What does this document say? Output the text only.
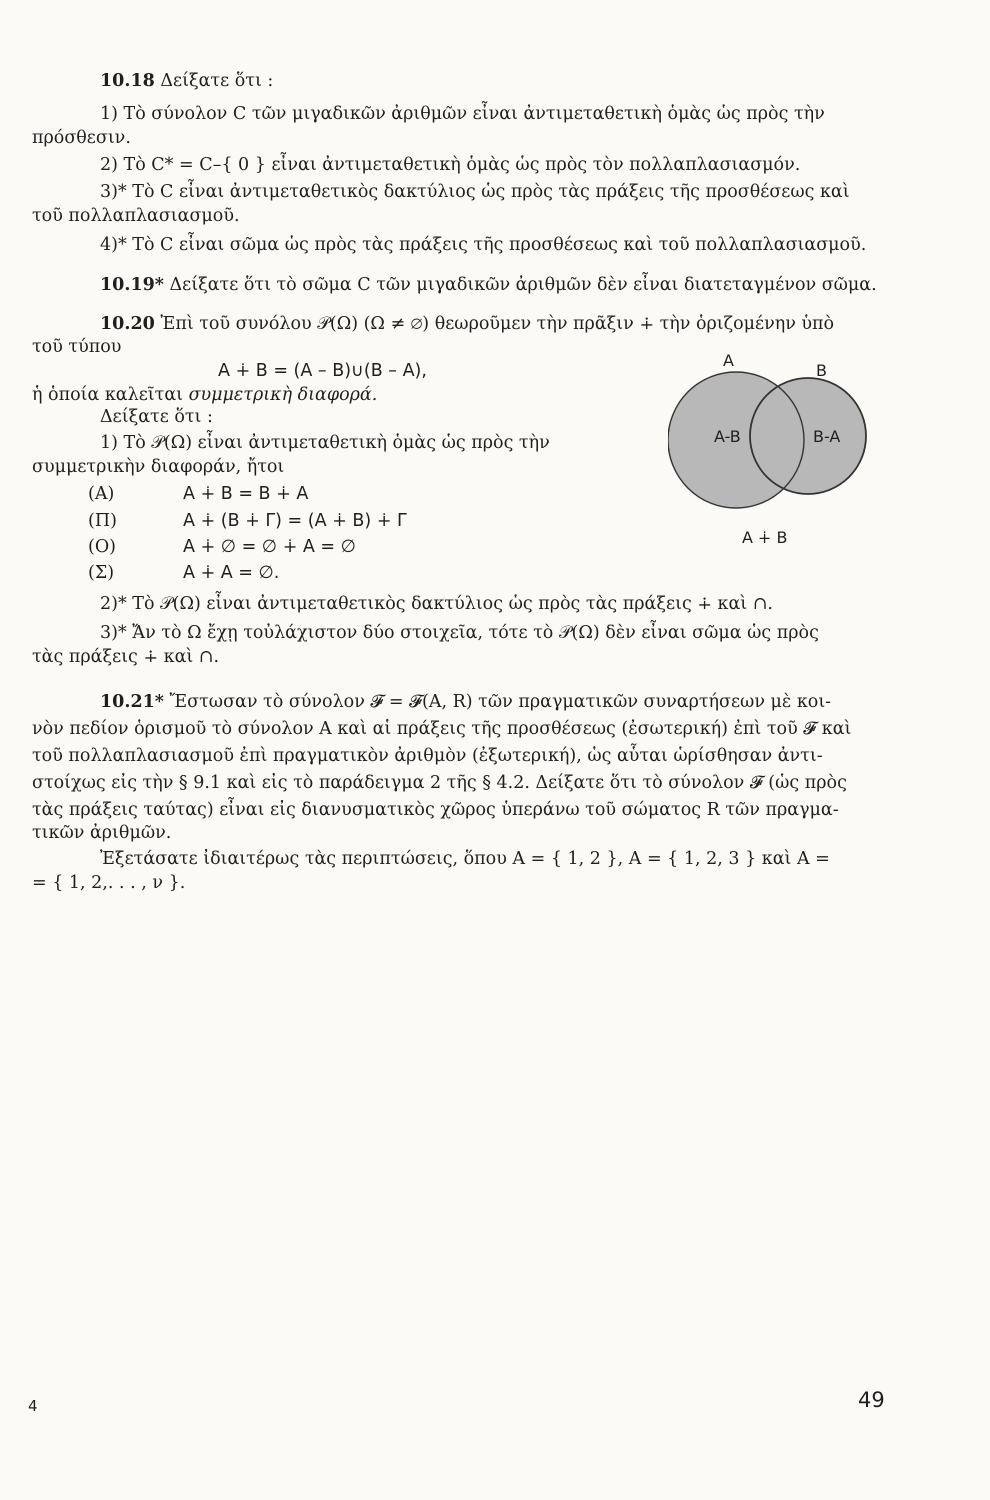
10.18 Δείξατε ὅτι :
1) Τὸ σύνολον C τῶν μιγαδικῶν ἀριθμῶν εἶναι ἀντιμεταθετικὴ ὁμὰς ὡς πρὸς τὴν
πρόσθεσιν.
2) Τὸ C* = C–{ 0 } εἶναι ἀντιμεταθετικὴ ὁμὰς ὡς πρὸς τὸν πολλαπλασιασμόν.
3)* Τὸ C εἶναι ἀντιμεταθετικὸς δακτύλιος ὡς πρὸς τὰς πράξεις τῆς προσθέσεως καὶ
τοῦ πολλαπλασιασμοῦ.
4)* Τὸ C εἶναι σῶμα ὡς πρὸς τὰς πράξεις τῆς προσθέσεως καὶ τοῦ πολλαπλασιασμοῦ.
10.19* Δείξατε ὅτι τὸ σῶμα C τῶν μιγαδικῶν ἀριθμῶν δὲν εἶναι διατεταγμένον σῶμα.
10.20 Ἐπὶ τοῦ συνόλου 𝒫(Ω) (Ω ≠ ∅) θεωροῦμεν τὴν πρᾶξιν ∔ τὴν ὁριζομένην ὑπὸ
τοῦ τύπου
A ∔ B = (A – B)∪(B – A),
ἡ ὁποία καλεῖται συμμετρικὴ διαφορά.
Δείξατε ὅτι :
1) Τὸ 𝒫(Ω) εἶναι ἀντιμεταθετικὴ ὁμὰς ὡς πρὸς τὴν
συμμετρικὴν διαφοράν, ἤτοι
(Α)	A ∔ B = B ∔ A
(Π)	A ∔ (B ∔ Γ) = (A ∔ B) ∔ Γ
(Ο)	A ∔ ∅ = ∅ ∔ A = ∅
(Σ)	A ∔ A = ∅.
2)* Τὸ 𝒫(Ω) εἶναι ἀντιμεταθετικὸς δακτύλιος ὡς πρὸς τὰς πράξεις ∔ καὶ ∩.
3)* Ἄν τὸ Ω ἔχῃ τοὐλάχιστον δύο στοιχεῖα, τότε τὸ 𝒫(Ω) δὲν εἶναι σῶμα ὡς πρὸς
τὰς πράξεις ∔ καὶ ∩.
A
B
A-B	B-A
A ∔ B
10.21* Ἔστωσαν τὸ σύνολον 𝓕 = 𝓕(A, R) τῶν πραγματικῶν συναρτήσεων μὲ κοι-
νὸν πεδίον ὁρισμοῦ τὸ σύνολον A καὶ αἱ πράξεις τῆς προσθέσεως (ἐσωτερική) ἐπὶ τοῦ 𝓕 καὶ
τοῦ πολλαπλασιασμοῦ ἐπὶ πραγματικὸν ἀριθμὸν (ἐξωτερική), ὡς αὗται ὡρίσθησαν ἀντι-
στοίχως εἰς τὴν § 9.1 καὶ εἰς τὸ παράδειγμα 2 τῆς § 4.2. Δείξατε ὅτι τὸ σύνολον 𝓕 (ὡς πρὸς
τὰς πράξεις ταύτας) εἶναι εἰς διανυσματικὸς χῶρος ὑπεράνω τοῦ σώματος R τῶν πραγμα-
τικῶν ἀριθμῶν.
Ἐξετάσατε ἰδιαιτέρως τὰς περιπτώσεις, ὅπου A = { 1, 2 }, A = { 1, 2, 3 } καὶ A =
= { 1, 2,. . . , ν }.
4	49
